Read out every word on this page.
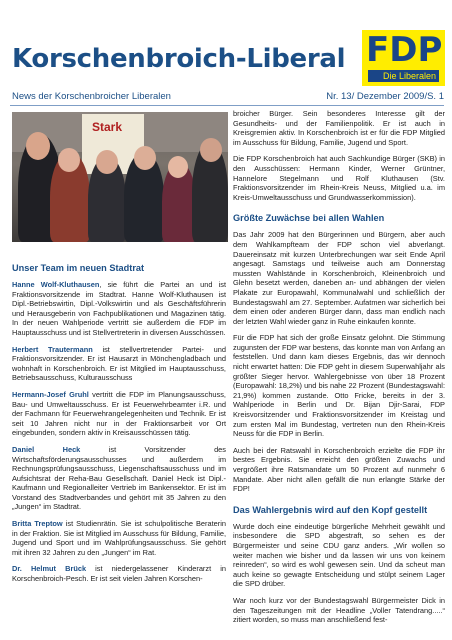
Korschenbroich-Liberal FDP
Die Liberalen
News der Korschenbroicher Liberalen	Nr. 13/ Dezember 2009/S. 1
Stark
Unser Team im neuen Stadtrat

Hanne Wolf-Kluthausen, sie führt die Partei an und ist Fraktionsvorsitzende im Stadtrat. Hanne Wolf-Kluthausen ist Dipl.-Betriebswirtin, Dipl.-Volkswirtin und als Geschäftsführerin und Herausgeberin von Fachpublikationen und Magazinen tätig. In der neuen Wahlperiode vertritt sie außerdem die FDP im Hauptausschuss und ist Stellvertreterin in diversen Ausschüssen.

Herbert Trautermann ist stellvertretender Partei- und Fraktionsvorsitzender. Er ist Hausarzt in Mönchengladbach und wohnhaft in Korschenbroich. Er ist Mitglied im Hauptausschuss, Betriebsausschuss, Kulturausschuss

Hermann-Josef Gruhl vertritt die FDP im Planungsausschuss, Bau- und Umweltausschuss. Er ist Feuerwehrbeamter i.R. und der Fachmann für Feuerwehrangelegenheiten und Technik. Er ist seit 10 Jahren nicht nur in der Fraktionsarbeit vor Ort eingebunden, sondern aktiv in Kreisausschüssen tätig.

Daniel Heck ist Vorsitzender des Wirtschaftsförderungsausschusses und außerdem im Rechnungsprüfungsausschuss, Liegenschaftsausschuss und im Aufsichtsrat der Reha-Bau Gesellschaft. Daniel Heck ist Dipl.-Kaufmann und Regionalleiter Vertrieb im Bankensektor. Er ist im Vorstand des Stadtverbandes und gehört mit 35 Jahren zu den „Jungen“ im Stadtrat.

Britta Treptow ist Studienrätin. Sie ist schulpolitische Beraterin in der Fraktion. Sie ist Mitglied im Ausschuss für Bildung, Familie, Jugend und Sport und im Wahlprüfungsausschuss. Sie gehört mit ihren 32 Jahren zu den „Jungen“ im Rat.

Dr. Helmut Brück ist niedergelassener Kinderarzt in Korschenbroich-Pesch. Er ist seit vielen Jahren Korschen-

broicher Bürger. Sein besonderes Interesse gilt der Gesundheits- und der Familienpolitik. Er ist auch in Kreisgremien aktiv. In Korschenbroich ist er für die FDP Mitglied im Ausschuss für Bildung, Familie, Jugend und Sport.

Die FDP Korschenbroich hat auch Sachkundige Bürger (SKB) in den Ausschüssen: Hermann Kinder, Werner Grüntner, Hannelore Stegelmann und Rolf Kluthausen (Stv. Fraktionsvorsitzender im Rhein-Kreis Neuss, Mitglied u.a. im Kreis-Umweltausschuss und Grundwasserkommission).

Größte Zuwächse bei allen Wahlen

Das Jahr 2009 hat den Bürgerinnen und Bürgern, aber auch dem Wahlkampfteam der FDP schon viel abverlangt. Dauereinsatz mit kurzen Unterbrechungen war seit Ende April angesagt. Samstags und teilweise auch am Donnerstag mussten Wahlstände in Korschenbroich, Kleinenbroich und Glehn besetzt werden, daneben an- und abhängen der vielen Plakate zur Europawahl, Kommunalwahl und schließlich der Bundestagswahl am 27. September. Aufatmen war sicherlich bei dem einen oder anderen Bürger dann, dass man endlich nach der letzten Wahl wieder ganz in Ruhe einkaufen konnte.

Für die FDP hat sich der große Einsatz gelohnt. Die Stimmung zugunsten der FDP war bestens, das konnte man von Anfang an feststellen. Und dann kam dieses Ergebnis, das wir dennoch nicht erwartet hatten: Die FDP geht in diesem Superwahljahr als größter Sieger hervor. Wahlergebnisse von über 18 Prozent (Europawahl: 18,2%) und bis nahe 22 Prozent (Bundestagswahl: 21,9%) kommen zustande. Otto Fricke, bereits in der 3. Wahlperiode in Berlin und Dr. Bijan Djir-Sarai, FDP Kreisvorsitzender und Fraktionsvorsitzender im Kreistag und zum ersten Mal im Bundestag, vertreten nun den Rhein-Kreis Neuss für die FDP in Berlin.

Auch bei der Ratswahl in Korschenbroich erzielte die FDP ihr bestes Ergebnis. Sie erreicht den größten Zuwachs und vergrößert ihre Ratsmandate um 50 Prozent auf nunmehr 6 Mandate. Aber nicht allen gefällt die nun erlangte Stärke der FDP!

Das Wahlergebnis wird auf den Kopf gestellt

Wurde doch eine eindeutige bürgerliche Mehrheit gewählt und insbesondere die SPD abgestraft, so sehen es der Bürgermeister und seine CDU ganz anders. „Wir wollen so weiter machen wie bisher und da lassen wir uns von keinem reinreden“, so wird es wohl gewesen sein. Und da scheut man auch keine so gewagte Entscheidung und stülpt seinem Lager die SPD drüber.

War noch kurz vor der Bundestagswahl Bürgermeister Dick in den Tageszeitungen mit der Headline „Voller Tatendrang.....“ zitiert worden, so muss man anschließend fest-
